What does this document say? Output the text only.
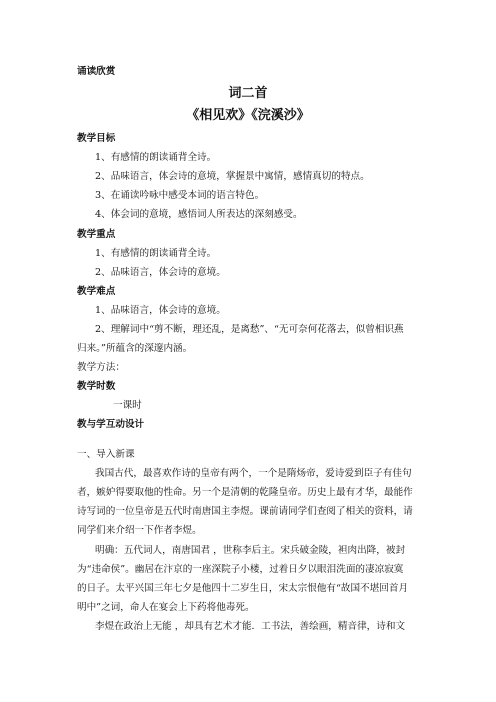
诵读欣赏
词二首
《相见欢》《浣溪沙》
教学目标
1、有感情的朗读诵背全诗。
2、品味语言，体会诗的意境，掌握景中寓情，感情真切的特点。
3、在诵读吟咏中感受本词的语言特色。
4、体会词的意境，感悟词人所表达的深刻感受。
教学重点
1、有感情的朗读诵背全诗。
2、品味语言，体会诗的意境。
教学难点
1、品味语言，体会诗的意境。
2、理解词中“剪不断，理还乱，是离愁”、“无可奈何花落去，似曾相识燕
归来。”所蕴含的深邃内涵。
教学方法：
教学时数
一课时
教与学互动设计
一、导入新课
我国古代，最喜欢作诗的皇帝有两个，一个是隋炀帝，爱诗爱到臣子有佳句
者，嫉妒得要取他的性命。另一个是清朝的乾隆皇帝。历史上最有才华，最能作
诗写词的一位皇帝是五代时南唐国主李煜。课前请同学们查阅了相关的资料，请
同学们来介绍一下作者李煜。
明确：五代词人，南唐国君 ，世称李后主。宋兵破金陵，袒肉出降，被封
为“违命侯”。幽居在汴京的一座深院子小楼，过着日夕以眼泪洗面的凄凉寂寞
的日子。太平兴国三年七夕是他四十二岁生日，宋太宗恨他有“故国不堪回首月
明中”之词，命人在宴会上下药将他毒死。
李煜在政治上无能 ，却具有艺术才能．工书法，善绘画，精音律，诗和文
